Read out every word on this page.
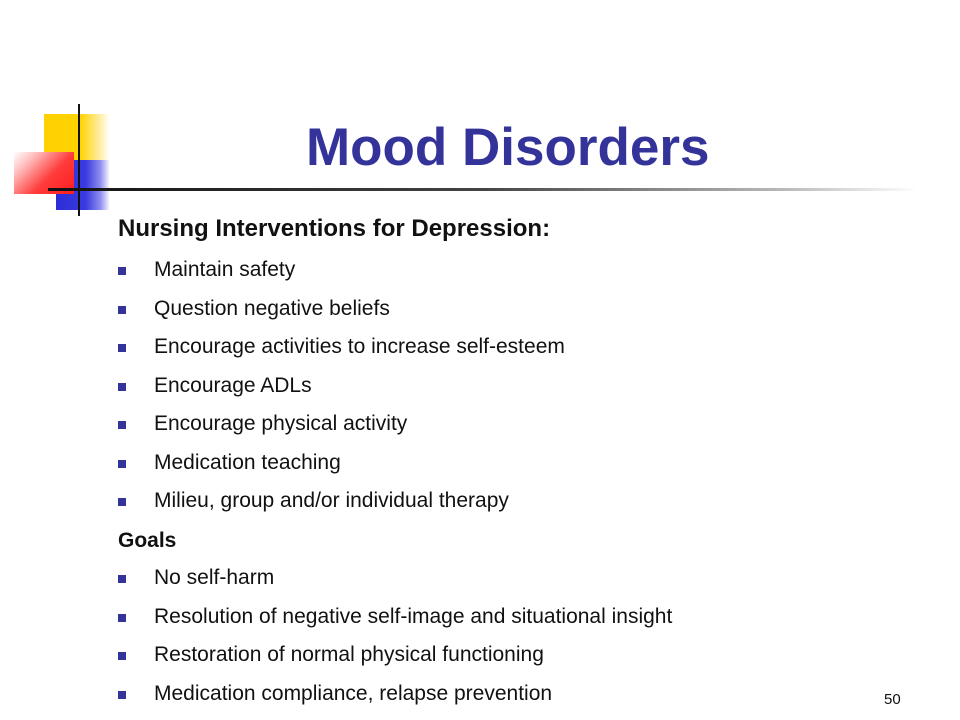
Mood Disorders
Nursing Interventions for Depression:
Maintain safety
Question negative beliefs
Encourage activities to increase self-esteem
Encourage ADLs
Encourage physical activity
Medication teaching
Milieu, group and/or individual therapy
Goals
No self-harm
Resolution of negative self-image and situational insight
Restoration of normal physical functioning
Medication compliance, relapse prevention	50
